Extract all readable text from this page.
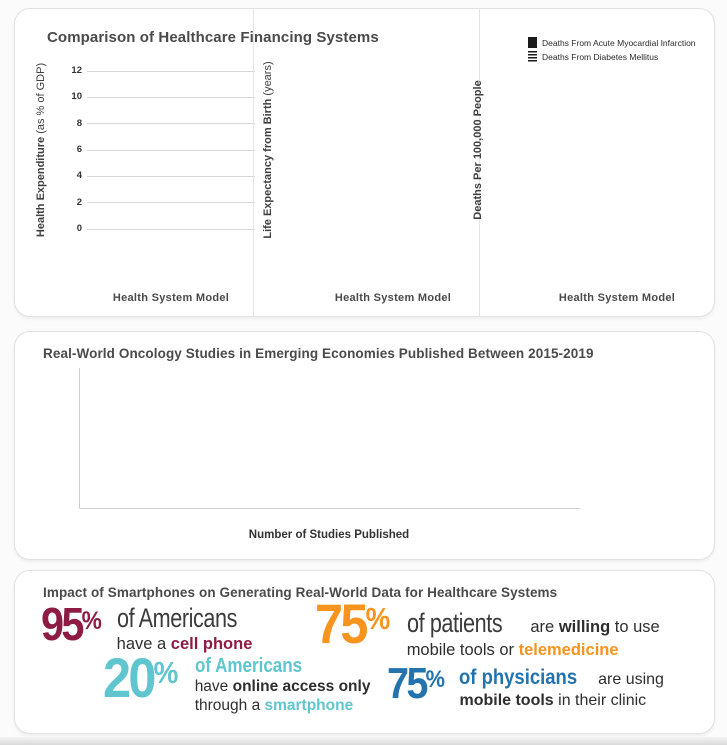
Comparison of Healthcare Financing Systems
Health Expenditure (as % of GDP)
0
2
4
6
8
10
12
Health System Model
Life Expectancy from Birth (years)
Health System Model
Deaths From Acute Myocardial Infarction
Deaths From Diabetes Mellitus
Deaths Per 100,000 People
Health System Model
Real-World Oncology Studies in Emerging Economies Published Between 2015-2019
Number of Studies Published
Impact of Smartphones on Generating Real-World Data for Healthcare Systems
95% of Americans
have a cell phone 75% of patients are willing to use
mobile tools or telemedicine
20% of Americans
have online access only
through a smartphone 75% of physicians are using
mobile tools in their clinic
